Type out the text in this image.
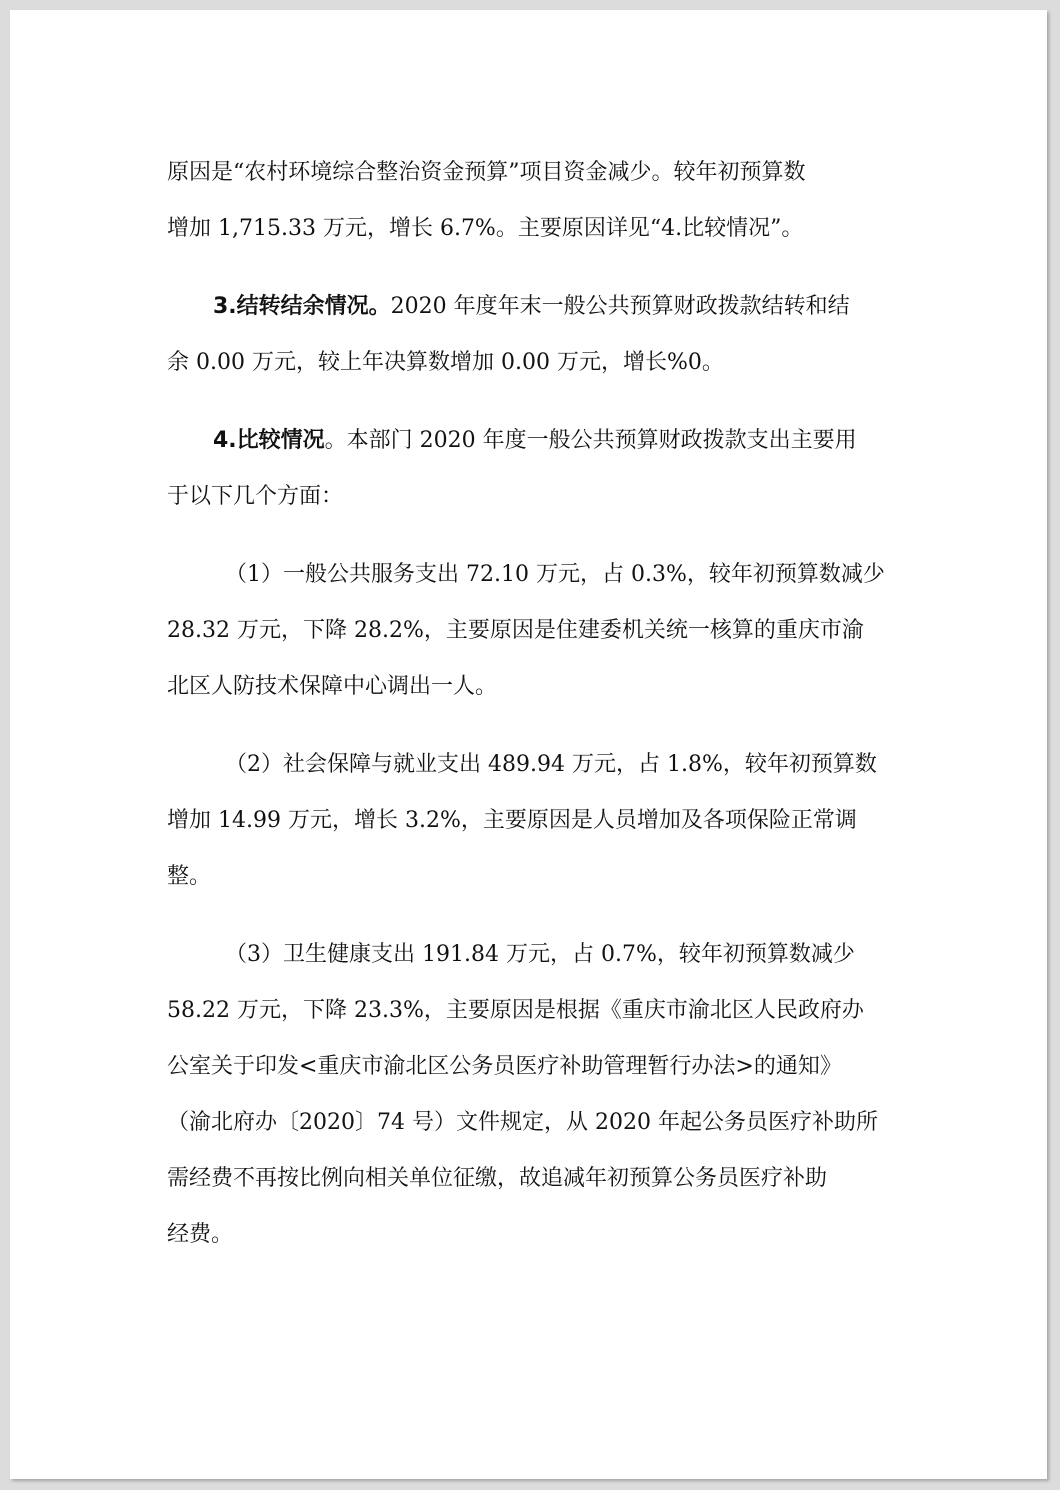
原因是“农村环境综合整治资金预算”项目资金减少。较年初预算数
增加 1,715.33 万元，增长 6.7%。主要原因详见“4.比较情况”。
3.结转结余情况。2020 年度年末一般公共预算财政拨款结转和结
余 0.00 万元，较上年决算数增加 0.00 万元，增长%0。
4.比较情况。本部门 2020 年度一般公共预算财政拨款支出主要用
于以下几个方面：
（1）一般公共服务支出 72.10 万元，占 0.3%，较年初预算数减少
28.32 万元，下降 28.2%，主要原因是住建委机关统一核算的重庆市渝
北区人防技术保障中心调出一人。
（2）社会保障与就业支出 489.94 万元，占 1.8%，较年初预算数
增加 14.99 万元，增长 3.2%，主要原因是人员增加及各项保险正常调
整。
（3）卫生健康支出 191.84 万元，占 0.7%，较年初预算数减少
58.22 万元，下降 23.3%，主要原因是根据《重庆市渝北区人民政府办
公室关于印发<重庆市渝北区公务员医疗补助管理暂行办法>的通知》
（渝北府办〔2020〕74 号）文件规定，从 2020 年起公务员医疗补助所
需经费不再按比例向相关单位征缴，故追减年初预算公务员医疗补助
经费。
